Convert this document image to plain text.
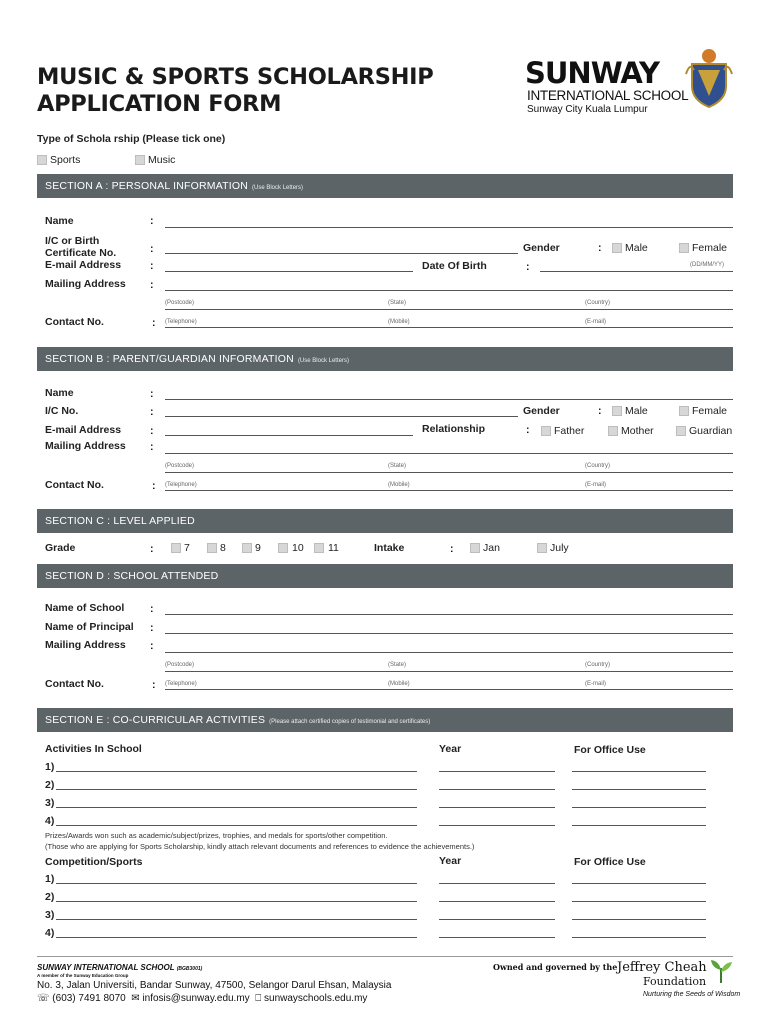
MUSIC & SPORTS SCHOLARSHIP
APPLICATION FORM
SUNWAY
INTERNATIONAL SCHOOL
Sunway City Kuala Lumpur
Type of Schola rship (Please tick one)
Sports	Music
SECTION A : PERSONAL INFORMATION (Use Block Letters)
Name	:
I/C or Birth
Certificate No.	:	Gender	: Male	Female
E-mail Address	:	Date Of Birth	:	(DD/MM/YY)
Mailing Address :
(Postcode)	(State)	(Country)
Contact No.	: (Telephone)	(Mobile)	(E-mail)
SECTION B : PARENT/GUARDIAN INFORMATION (Use Block Letters)
Name	:
I/C No.	:	Gender	: Male	Female
E-mail Address	:	Relationship	: Father	Mother	Guardian
Mailing Address :
(Postcode)	(State)	(Country)
Contact No.	: (Telephone)	(Mobile)	(E-mail)
SECTION C : LEVEL APPLIED
Grade	:	7	8	9	10 11	Intake	:	Jan	July
SECTION D : SCHOOL ATTENDED
Name of School :
Name of Principal :
Mailing Address :
(Postcode)	(State)	(Country)
Contact No.	: (Telephone)	(Mobile)	(E-mail)
SECTION E : CO-CURRICULAR ACTIVITIES (Please attach certified copies of testimonial and certificates)
Activities In School	Year	For Office Use
1)
2)
3)
4)
Prizes/Awards won such as academic/subject/prizes, trophies, and medals for sports/other competition.
(Those who are applying for Sports Scholarship, kindly attach relevant documents and references to evidence the achievements.)
Competition/Sports	Year	For Office Use
1)
2)
3)
4)
SUNWAY INTERNATIONAL SCHOOL (BGB3001)
A member of the Sunway Education Group
No. 3, Jalan Universiti, Bandar Sunway, 47500, Selangor Darul Ehsan, Malaysia
☏ (603) 7491 8070 ✉ infosis@sunway.edu.my ⎕ sunwayschools.edu.my
Owned and governed by the Jeffrey Cheah
Foundation
Nurturing the Seeds of Wisdom
